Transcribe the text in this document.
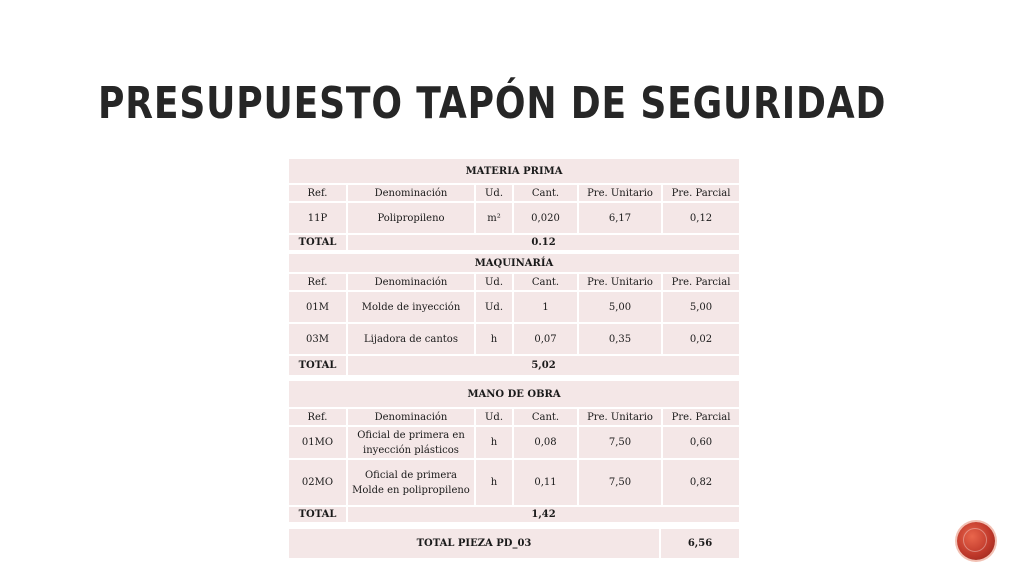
PRESUPUESTO TAPÓN DE SEGURIDAD
MATERIA PRIMA					
Ref.	Denominación	Ud.	Cant.	Pre. Unitario	Pre. Parcial
11P	Polipropileno	m²	0,020	6,17	0,12
TOTAL	0.12				
MAQUINARÍA					
Ref.	Denominación	Ud.	Cant.	Pre. Unitario	Pre. Parcial
01M	Molde de inyección	Ud.	1	5,00	5,00
03M	Lijadora de cantos	h	0,07	0,35	0,02
TOTAL	5,02				
MANO DE OBRA					
Ref.	Denominación	Ud.	Cant.	Pre. Unitario	Pre. Parcial
01MO	Oficial de primera en inyección plásticos	h	0,08	7,50	0,60
02MO	Oficial de primera Molde en polipropileno	h	0,11	7,50	0,82
TOTAL	1,42				
TOTAL PIEZA PD_03	6,56
